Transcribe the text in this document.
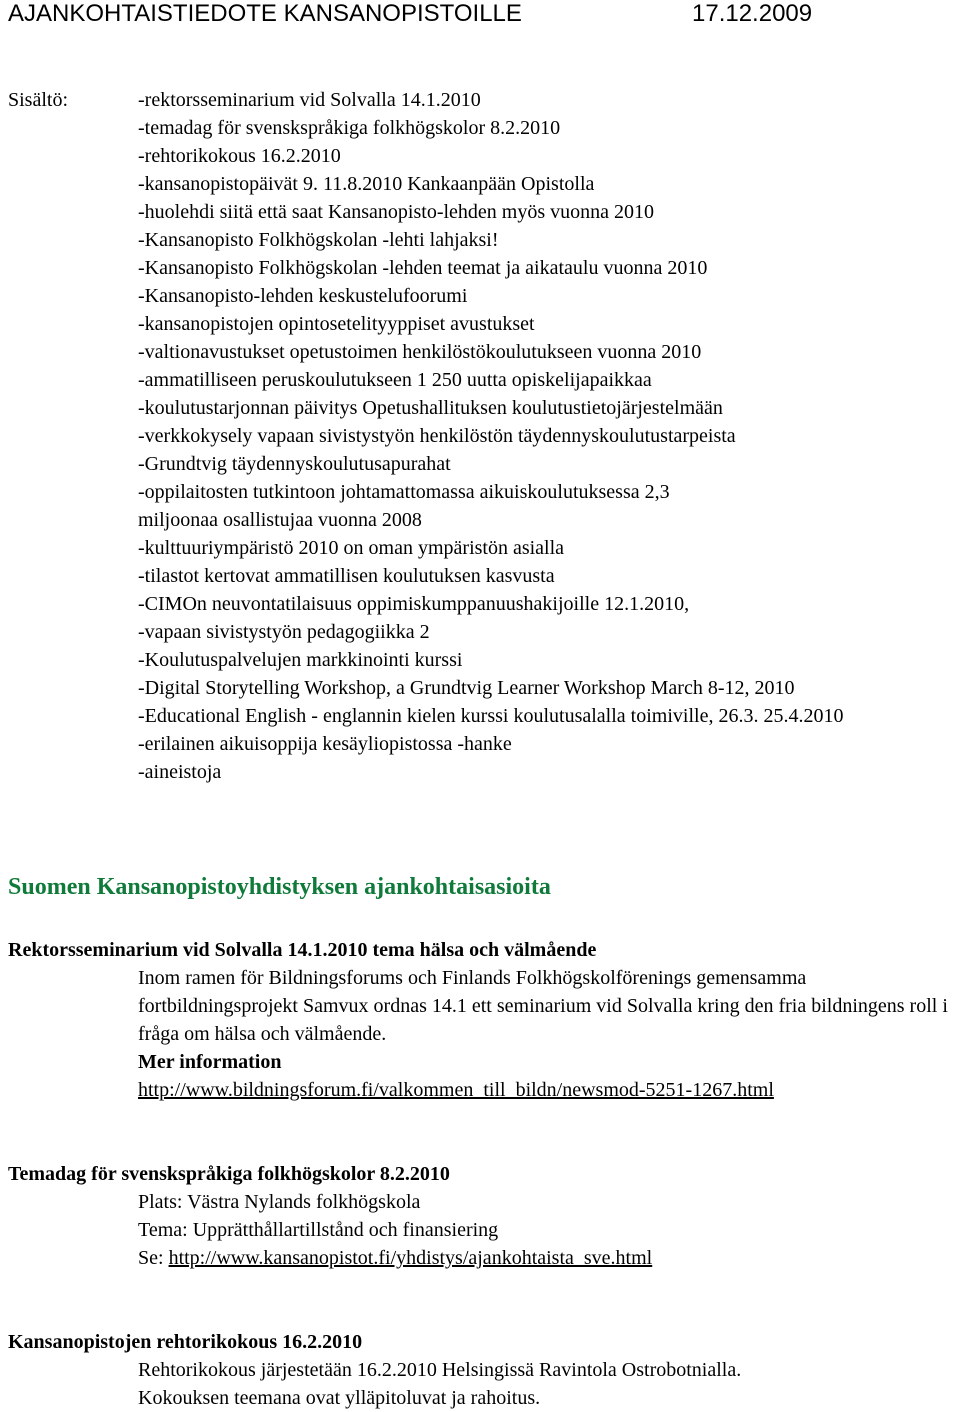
AJANKOHTAISTIEDOTE KANSANOPISTOILLE	17.12.2009
Sisältö:	-rektorsseminarium vid Solvalla 14.1.2010
-temadag för svenskspråkiga folkhögskolor 8.2.2010
-rehtorikokous 16.2.2010
-kansanopistopäivät 9. 11.8.2010 Kankaanpään Opistolla
-huolehdi siitä että saat Kansanopisto-lehden myös vuonna 2010
-Kansanopisto Folkhögskolan -lehti lahjaksi!
-Kansanopisto Folkhögskolan -lehden teemat ja aikataulu vuonna 2010
-Kansanopisto-lehden keskustelufoorumi
-kansanopistojen opintosetelityyppiset avustukset
-valtionavustukset opetustoimen henkilöstökoulutukseen vuonna 2010
-ammatilliseen peruskoulutukseen 1 250 uutta opiskelijapaikkaa
-koulutustarjonnan päivitys Opetushallituksen koulutustietojärjestelmään
-verkkokysely vapaan sivistystyön henkilöstön täydennyskoulutustarpeista
-Grundtvig täydennyskoulutusapurahat
-oppilaitosten tutkintoon johtamattomassa aikuiskoulutuksessa 2,3 miljoonaa osallistujaa vuonna 2008
-kulttuuriympäristö 2010 on oman ympäristön asialla
-tilastot kertovat ammatillisen koulutuksen kasvusta
-CIMOn neuvontatilaisuus oppimiskumppanuushakijoille 12.1.2010,
-vapaan sivistystyön pedagogiikka 2
-Koulutuspalvelujen markkinointi kurssi
-Digital Storytelling Workshop, a Grundtvig Learner Workshop March 8-12, 2010
-Educational English - englannin kielen kurssi koulutusalalla toimiville, 26.3. 25.4.2010
-erilainen aikuisoppija kesäyliopistossa -hanke
-aineistoja
Suomen Kansanopistoyhdistyksen ajankohtaisasioita
Rektorsseminarium vid Solvalla 14.1.2010 tema hälsa och välmående

Inom ramen för Bildningsforums och Finlands Folkhögskolförenings gemensamma fortbildningsprojekt Samvux ordnas 14.1 ett seminarium vid Solvalla kring den fria bildningens roll i fråga om hälsa och välmående.

Mer information

http://www.bildningsforum.fi/valkommen_till_bildn/newsmod-5251-1267.html

Temadag för svenskspråkiga folkhögskolor 8.2.2010

Plats: Västra Nylands folkhögskola

Tema: Upprätthållartillstånd och finansiering

Se: http://www.kansanopistot.fi/yhdistys/ajankohtaista_sve.html

Kansanopistojen rehtorikokous 16.2.2010

Rehtorikokous järjestetään 16.2.2010 Helsingissä Ravintola Ostrobotnialla.

Kokouksen teemana ovat ylläpitoluvat ja rahoitus.
